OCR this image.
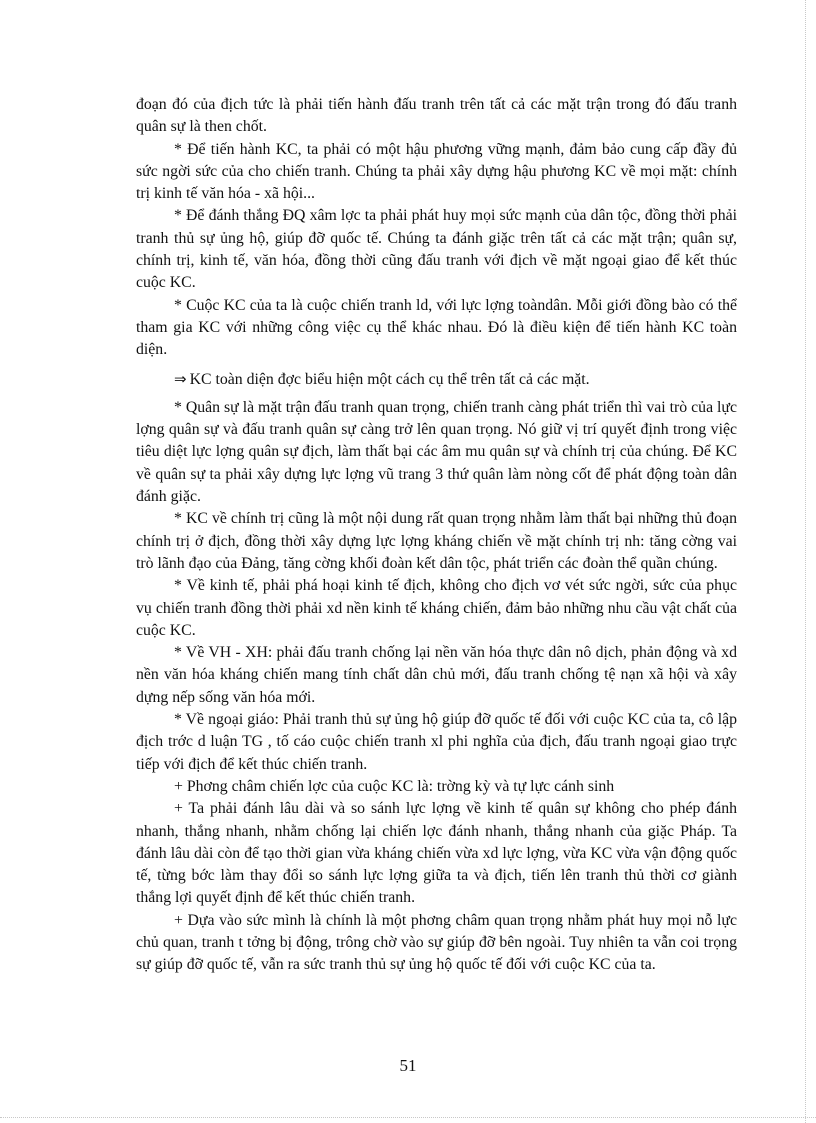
đoạn đó của địch tức là phải tiến hành đấu tranh trên tất cả các mặt trận trong đó đấu tranh quân sự là then chốt.

* Để tiến hành KC, ta phải có một hậu phương vững mạnh, đảm bảo cung cấp đầy đủ sức ngời sức của cho chiến tranh. Chúng ta phải xây dựng hậu phương KC về mọi mặt: chính trị kinh tế văn hóa - xã hội...

* Để đánh thắng ĐQ xâm lợc ta phải phát huy mọi sức mạnh của dân tộc, đồng thời phải tranh thủ sự ủng hộ, giúp đỡ quốc tế. Chúng ta đánh giặc trên tất cả các mặt trận; quân sự, chính trị, kinh tế, văn hóa, đồng thời cũng đấu tranh với địch về mặt ngoại giao để kết thúc cuộc KC.

* Cuộc KC của ta là cuộc chiến tranh ld, với lực lợng toàndân. Mỗi giới đồng bào có thể tham gia KC với những công việc cụ thể khác nhau. Đó là điều kiện để tiến hành KC toàn diện.

⇒ KC toàn diện đợc biểu hiện một cách cụ thể trên tất cả các mặt.

* Quân sự là mặt trận đấu tranh quan trọng, chiến tranh càng phát triển thì vai trò của lực lợng quân sự và đấu tranh quân sự càng trở lên quan trọng. Nó giữ vị trí quyết định trong việc tiêu diệt lực lợng quân sự địch, làm thất bại các âm mu quân sự và chính trị của chúng. Để KC về quân sự ta phải xây dựng lực lợng vũ trang 3 thứ quân làm nòng cốt để phát động toàn dân đánh giặc.

* KC về chính trị cũng là một nội dung rất quan trọng nhằm làm thất bại những thủ đoạn chính trị ở địch, đồng thời xây dựng lực lợng kháng chiến về mặt chính trị nh: tăng cờng vai trò lãnh đạo của Đảng, tăng cờng khối đoàn kết dân tộc, phát triển các đoàn thể quần chúng.

* Về kinh tế, phải phá hoại kinh tế địch, không cho địch vơ vét sức ngời, sức của phục vụ chiến tranh đồng thời phải xd nền kinh tế kháng chiến, đảm bảo những nhu cầu vật chất của cuộc KC.

* Về VH - XH: phải đấu tranh chống lại nền văn hóa thực dân nô dịch, phản động và xd nền văn hóa kháng chiến mang tính chất dân chủ mới, đấu tranh chống tệ nạn xã hội và xây dựng nếp sống văn hóa mới.

* Về ngoại giáo: Phải tranh thủ sự ủng hộ giúp đỡ quốc tế đối với cuộc KC của ta, cô lập địch trớc d luận TG , tố cáo cuộc chiến tranh xl phi nghĩa của địch, đấu tranh ngoại giao trực tiếp với địch để kết thúc chiến tranh.

+ Phơng châm chiến lợc của cuộc KC là: trờng kỳ và tự lực cánh sinh

+ Ta phải đánh lâu dài và so sánh lực lợng về kinh tế quân sự không cho phép đánh nhanh, thắng nhanh, nhằm chống lại chiến lợc đánh nhanh, thắng nhanh của giặc Pháp. Ta đánh lâu dài còn để tạo thời gian vừa kháng chiến vừa xd lực lợng, vừa KC vừa vận động quốc tế, từng bớc làm thay đổi so sánh lực lợng giữa ta và địch, tiến lên tranh thủ thời cơ giành thắng lợi quyết định để kết thúc chiến tranh.

+ Dựa vào sức mình là chính là một phơng châm quan trọng nhằm phát huy mọi nỗ lực chủ quan, tranh t tởng bị động, trông chờ vào sự giúp đỡ bên ngoài. Tuy nhiên ta vẫn coi trọng sự giúp đỡ quốc tế, vẫn ra sức tranh thủ sự ủng hộ quốc tế đối với cuộc KC của ta.

51
